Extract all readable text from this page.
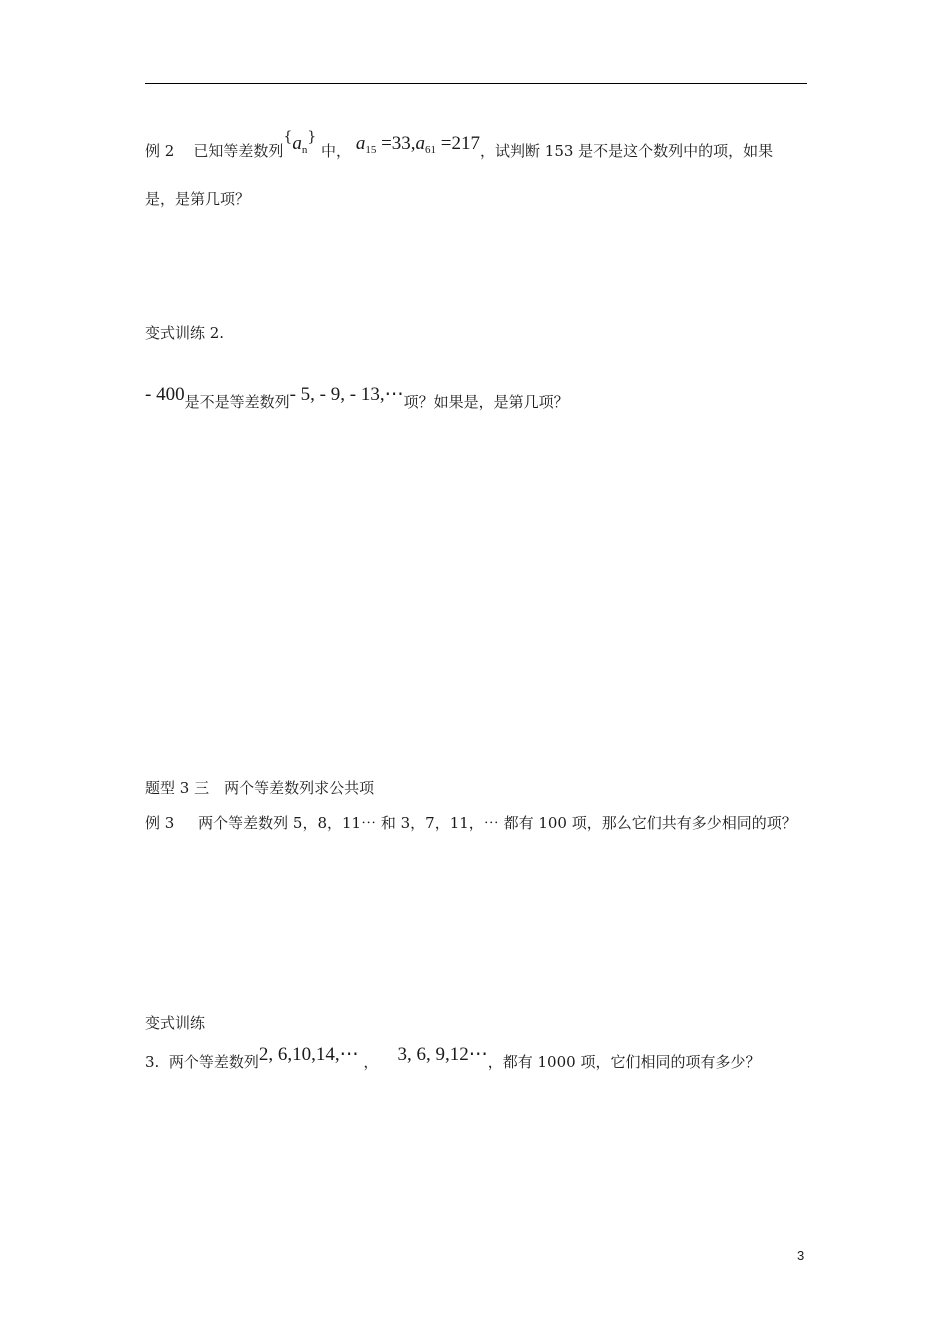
例 2 已知等差数列$^{\{}a_n^{\}}$ 中， $a_{15} =33,a_{61} =217$，试判断 153 是不是这个数列中的项，如果
是，是第几项？
变式训练 2.
- 400是不是等差数列- 5, - 9, - 13,⋯项？如果是，是第几项？
题型 3 三　两个等差数列求公共项
例 3 两个等差数列 5，8，11⋯ 和 3，7，11，⋯ 都有 100 项，那么它们共有多少相同的项？
变式训练
3. 两个等差数列2, 6,10,14,⋯ ， 3, 6, 9,12⋯，都有 1000 项，它们相同的项有多少？
3
